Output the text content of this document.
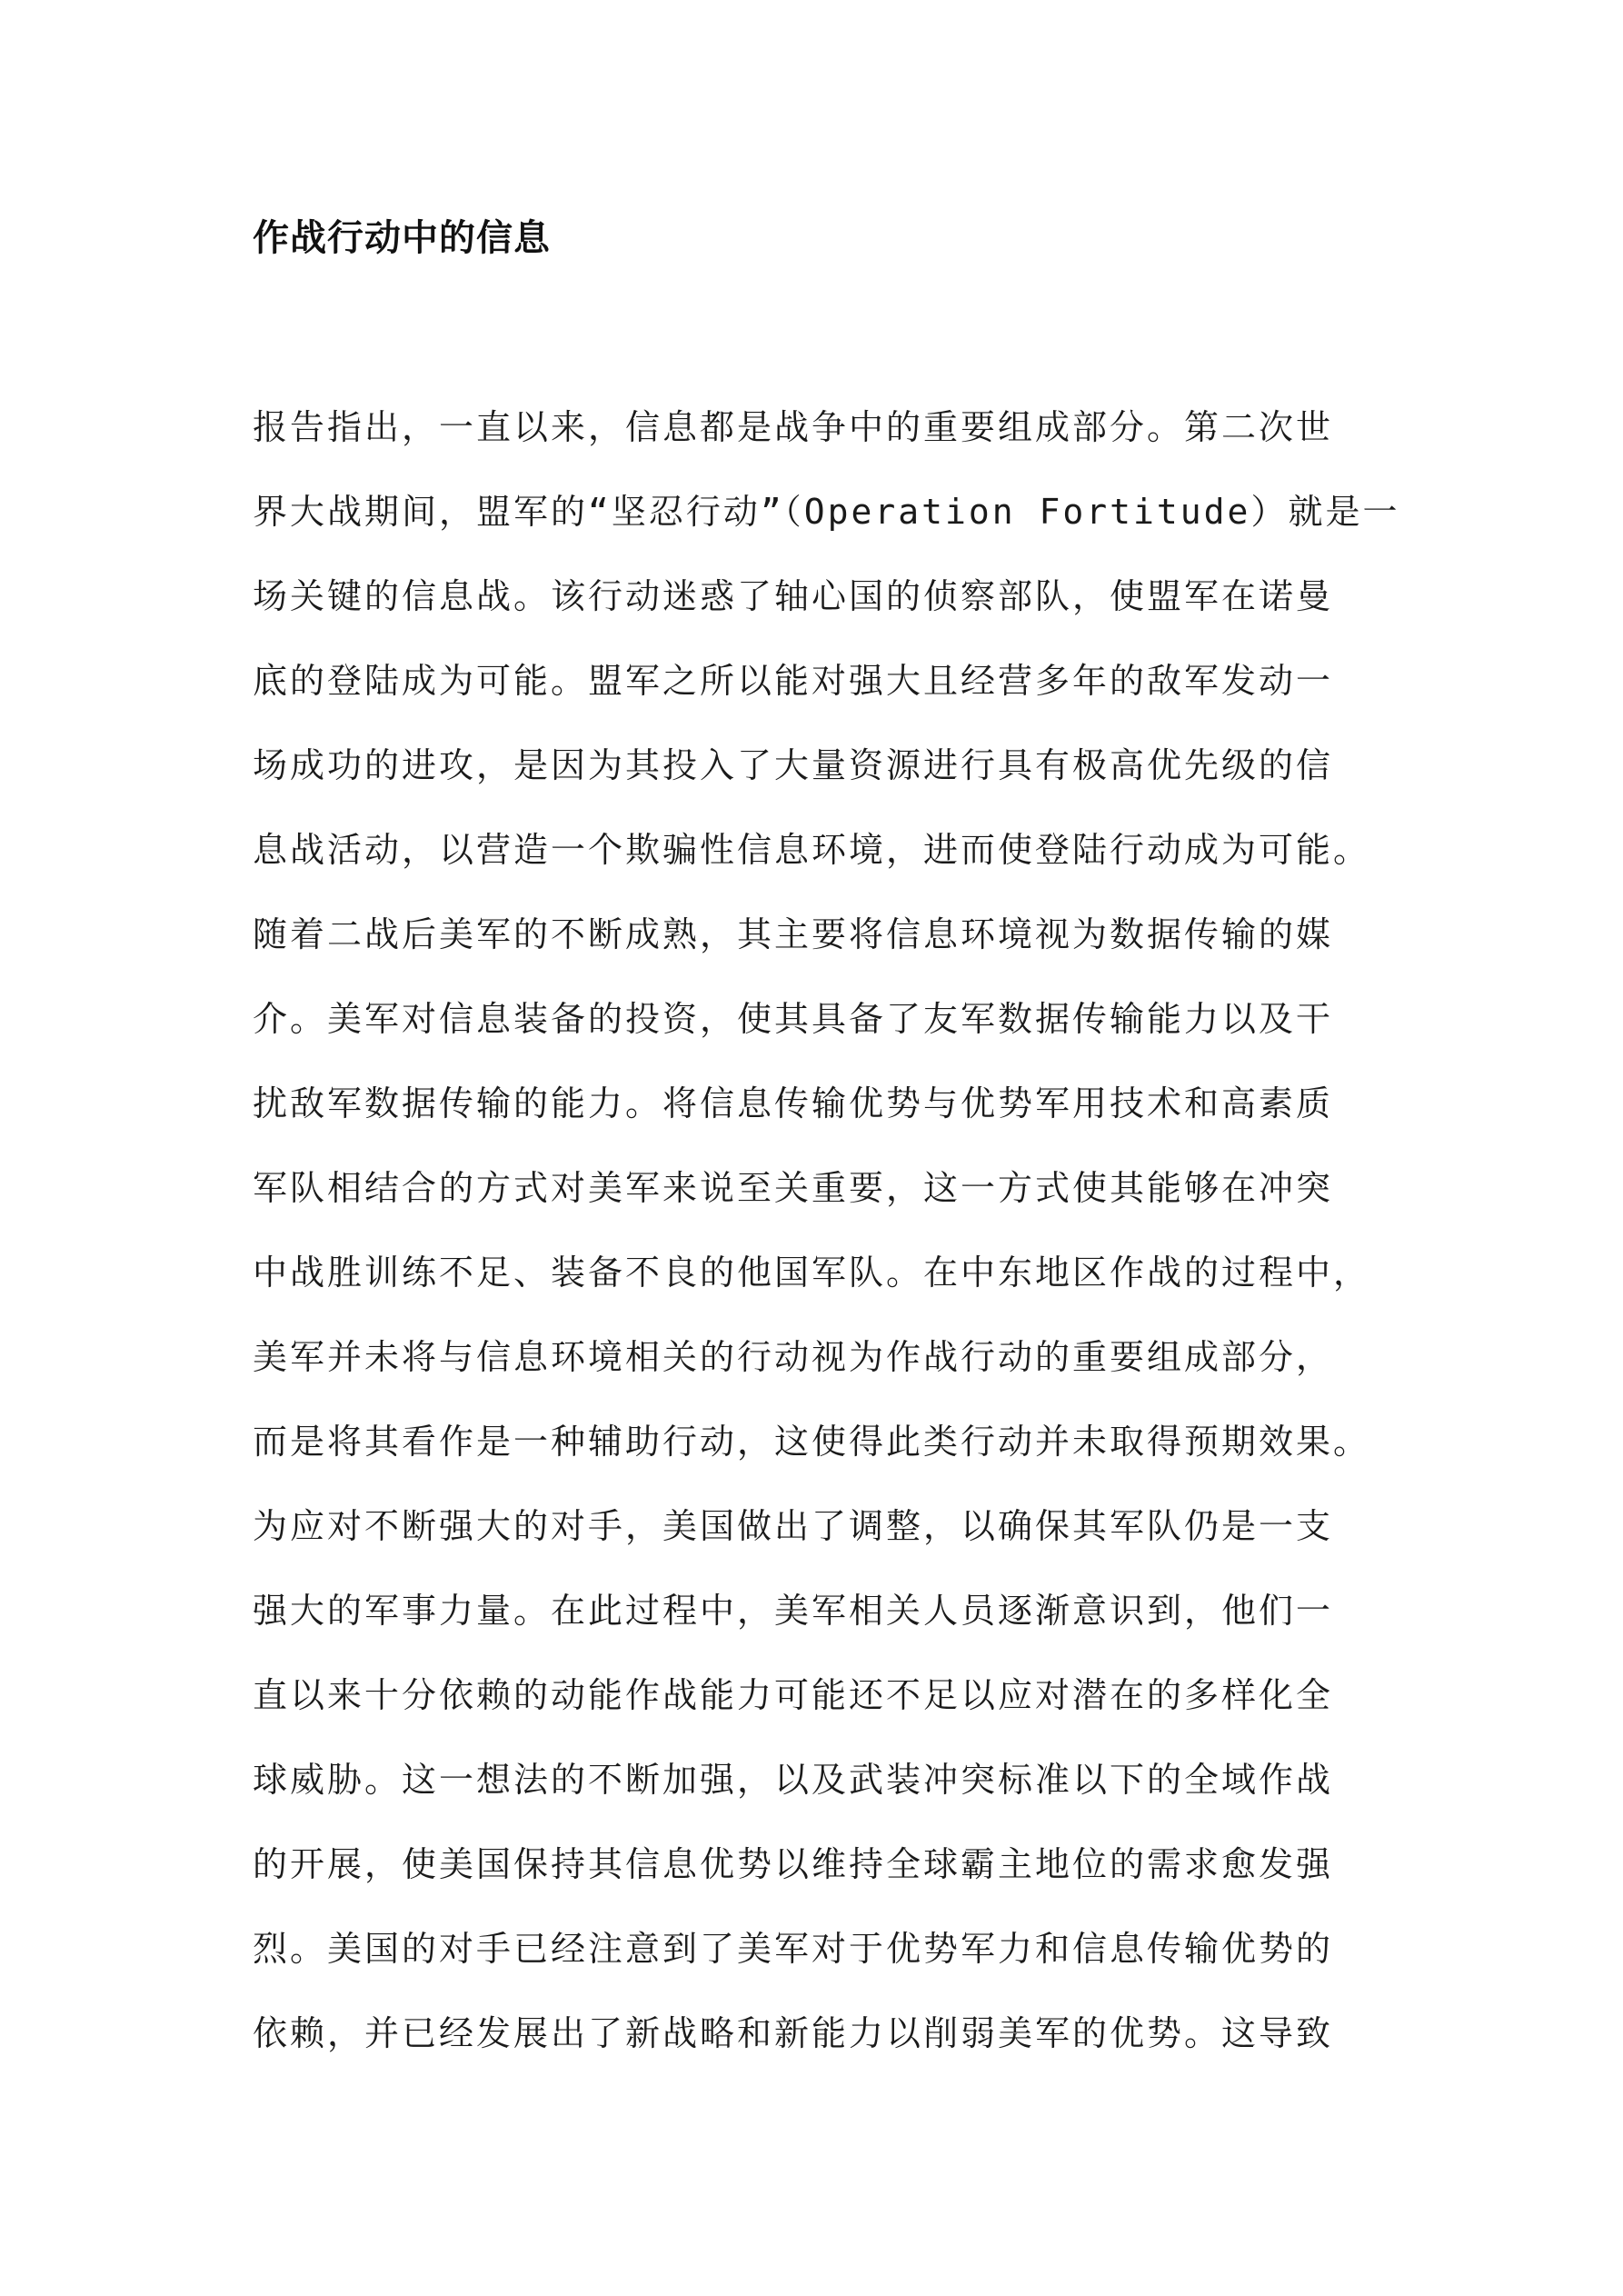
作战行动中的信息
报告指出，一直以来，信息都是战争中的重要组成部分。第二次世
界大战期间，盟军的“坚忍行动”（Operation Fortitude）就是一
场关键的信息战。该行动迷惑了轴心国的侦察部队，使盟军在诺曼
底的登陆成为可能。盟军之所以能对强大且经营多年的敌军发动一
场成功的进攻，是因为其投入了大量资源进行具有极高优先级的信
息战活动，以营造一个欺骗性信息环境，进而使登陆行动成为可能。
随着二战后美军的不断成熟，其主要将信息环境视为数据传输的媒
介。美军对信息装备的投资，使其具备了友军数据传输能力以及干
扰敌军数据传输的能力。将信息传输优势与优势军用技术和高素质
军队相结合的方式对美军来说至关重要，这一方式使其能够在冲突
中战胜训练不足、装备不良的他国军队。在中东地区作战的过程中，
美军并未将与信息环境相关的行动视为作战行动的重要组成部分，
而是将其看作是一种辅助行动，这使得此类行动并未取得预期效果。
为应对不断强大的对手，美国做出了调整，以确保其军队仍是一支
强大的军事力量。在此过程中，美军相关人员逐渐意识到，他们一
直以来十分依赖的动能作战能力可能还不足以应对潜在的多样化全
球威胁。这一想法的不断加强，以及武装冲突标准以下的全域作战
的开展，使美国保持其信息优势以维持全球霸主地位的需求愈发强
烈。美国的对手已经注意到了美军对于优势军力和信息传输优势的
依赖，并已经发展出了新战略和新能力以削弱美军的优势。这导致
